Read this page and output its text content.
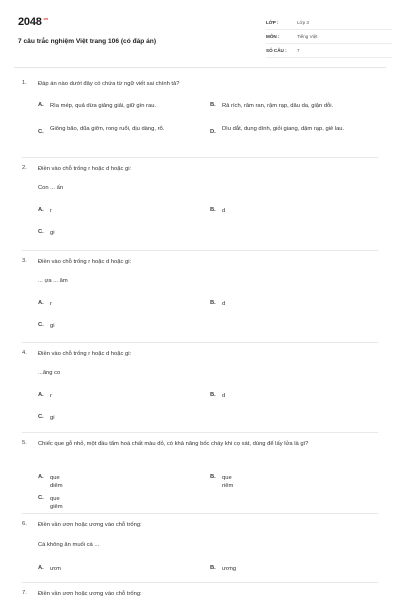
$2048^{.vn}$
7 câu trắc nghiệm Việt trang 106 (có đáp án)
LỚP :	Lớp 3
MÔN :	Tiếng Việt
SỐ CÂU :	7
1. Đáp án nào dưới đây có chứa từ ngữ viết sai chính tả?
A. Rìa mép, quả dừa giảng giải, giữ gìn rau.	B. Rả rích, râm ran, rậm rạp, dâu da, giận dỗi.
C. Giông bão, dũa giỡn, rong ruổi, dịu dàng, rổ.	D. Dìu dắt, dung dính, giỏi giang, dậm rạp, giẻ lau.
2. Điền vào chỗ trống r hoặc d hoặc gi:
Con ... ấn
A. r	B. d
C. gi
3. Điền vào chỗ trống r hoặc d hoặc gi:
... ựa ... âm
A. r	B. d
C. gi
4. Điền vào chỗ trống r hoặc d hoặc gi:
...ăng co
A. r	B. d
C. gi
5. Chiếc que gỗ nhỏ, một đầu tẩm hoá chất màu đỏ, có khả năng bốc cháy khi cọ xát, dùng để lấy lửa là gì?
A. que diêm
B. que riêm
C. que giêm
6. Điền vần ươn hoặc ương vào chỗ trống:
Cá không ăn muối cá ...
A. ươn	B. ương
7. Điền vần ươn hoặc ương vào chỗ trống:
